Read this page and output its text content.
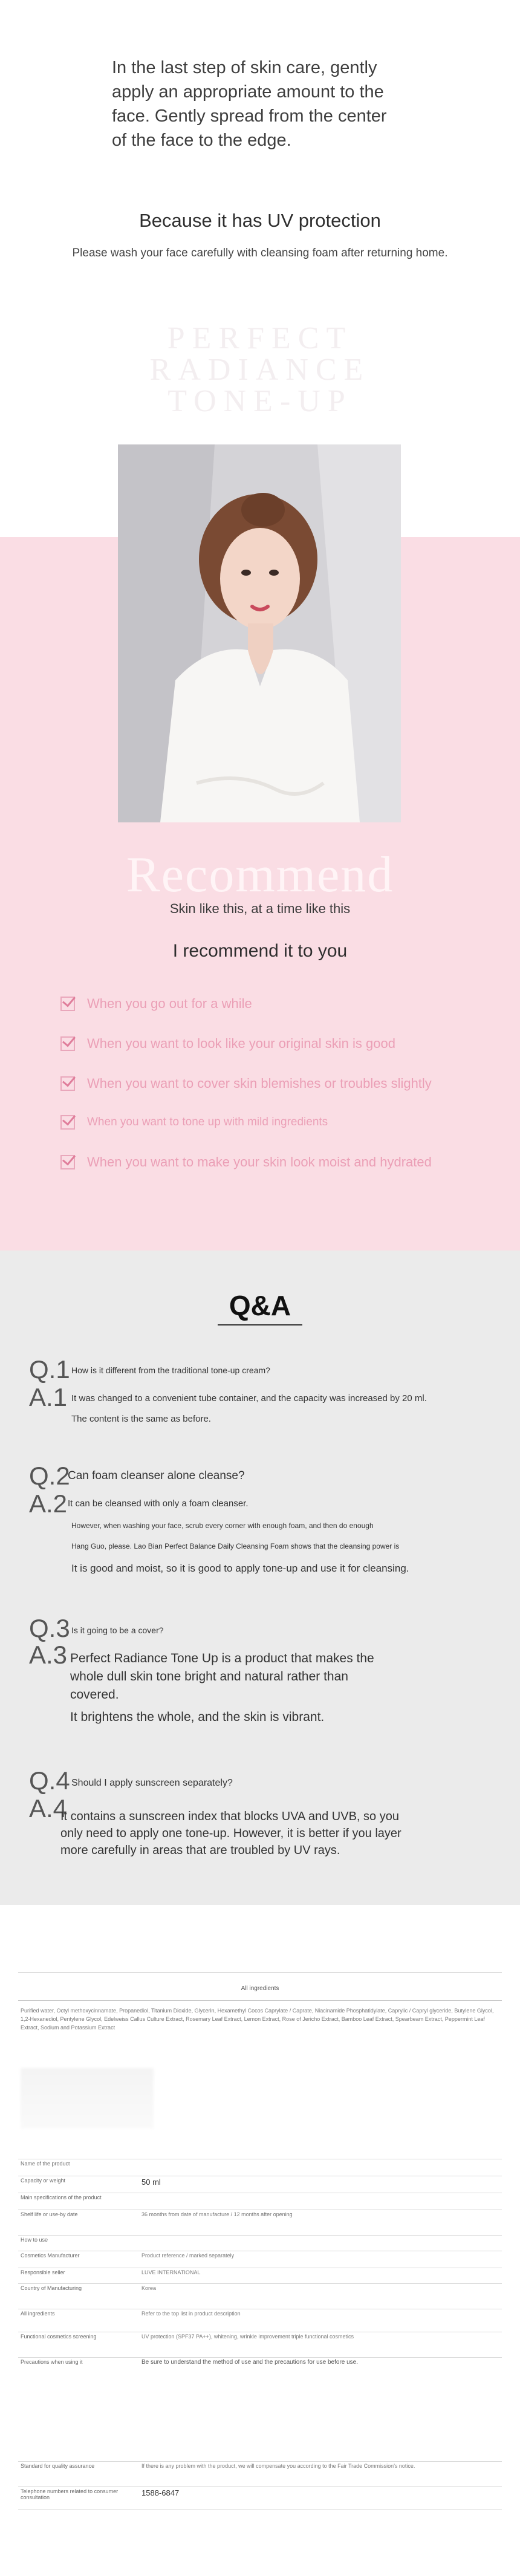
In the last step of skin care, gently apply an appropriate amount to the face. Gently spread from the center of the face to the edge.
Because it has UV protection
Please wash your face carefully with cleansing foam after returning home.
PERFECT
RADIANCE
TONE-UP
Recommend
Skin like this, at a time like this
I recommend it to you
When you go out for a while
When you want to look like your original skin is good
When you want to cover skin blemishes or troubles slightly
When you want to tone up with mild ingredients
When you want to make your skin look moist and hydrated
Q&A
Q.1 How is it different from the traditional tone-up cream?
A.1 It was changed to a convenient tube container, and the capacity was increased by 20 ml.
The content is the same as before.
Q.2
Can foam cleanser alone cleanse?
A.2 It can be cleansed with only a foam cleanser.
However, when washing your face, scrub every corner with enough foam, and then do enough
Hang Guo, please. Lao Bian Perfect Balance Daily Cleansing Foam shows that the cleansing power is
It is good and moist, so it is good to apply tone-up and use it for cleansing.
Q.3 Is it going to be a cover?
A.3 Perfect Radiance Tone Up is a product that makes the whole dull skin tone bright and natural rather than covered.
It brightens the whole, and the skin is vibrant.
Q.4 Should I apply sunscreen separately?
A.4
It contains a sunscreen index that blocks UVA and UVB, so you only need to apply one tone-up. However, it is better if you layer more carefully in areas that are troubled by UV rays.
All ingredients
Purified water, Octyl methoxycinnamate, Propanediol, Titanium Dioxide, Glycerin, Hexamethyl Cocos Caprylate / Caprate, Niacinamide Phosphatidylate, Caprylic / Capryl glyceride, Butylene Glycol, 1,2-Hexanediol, Pentylene Glycol, Edelweiss Callus Culture Extract, Rosemary Leaf Extract, Lemon Extract, Rose of Jericho Extract, Bamboo Leaf Extract, Spearbeam Extract, Peppermint Leaf Extract, Sodium and Potassium Extract
Name of the product
Capacity or weight	50 ml
Main specifications of the product
Shelf life or use-by date	36 months from date of manufacture / 12 months after opening
How to use
Cosmetics Manufacturer	Product reference / marked separately
Responsible seller	LUVE INTERNATIONAL
Country of Manufacturing	Korea
All ingredients	Refer to the top list in product description
Functional cosmetics screening	UV protection (SPF37 PA++), whitening, wrinkle improvement triple functional cosmetics
Precautions when using it	Be sure to understand the method of use and the precautions for use before use.
Standard for quality assurance	If there is any problem with the product, we will compensate you according to the Fair Trade Commission's notice.
Telephone numbers related to consumer consultation	1588-6847
